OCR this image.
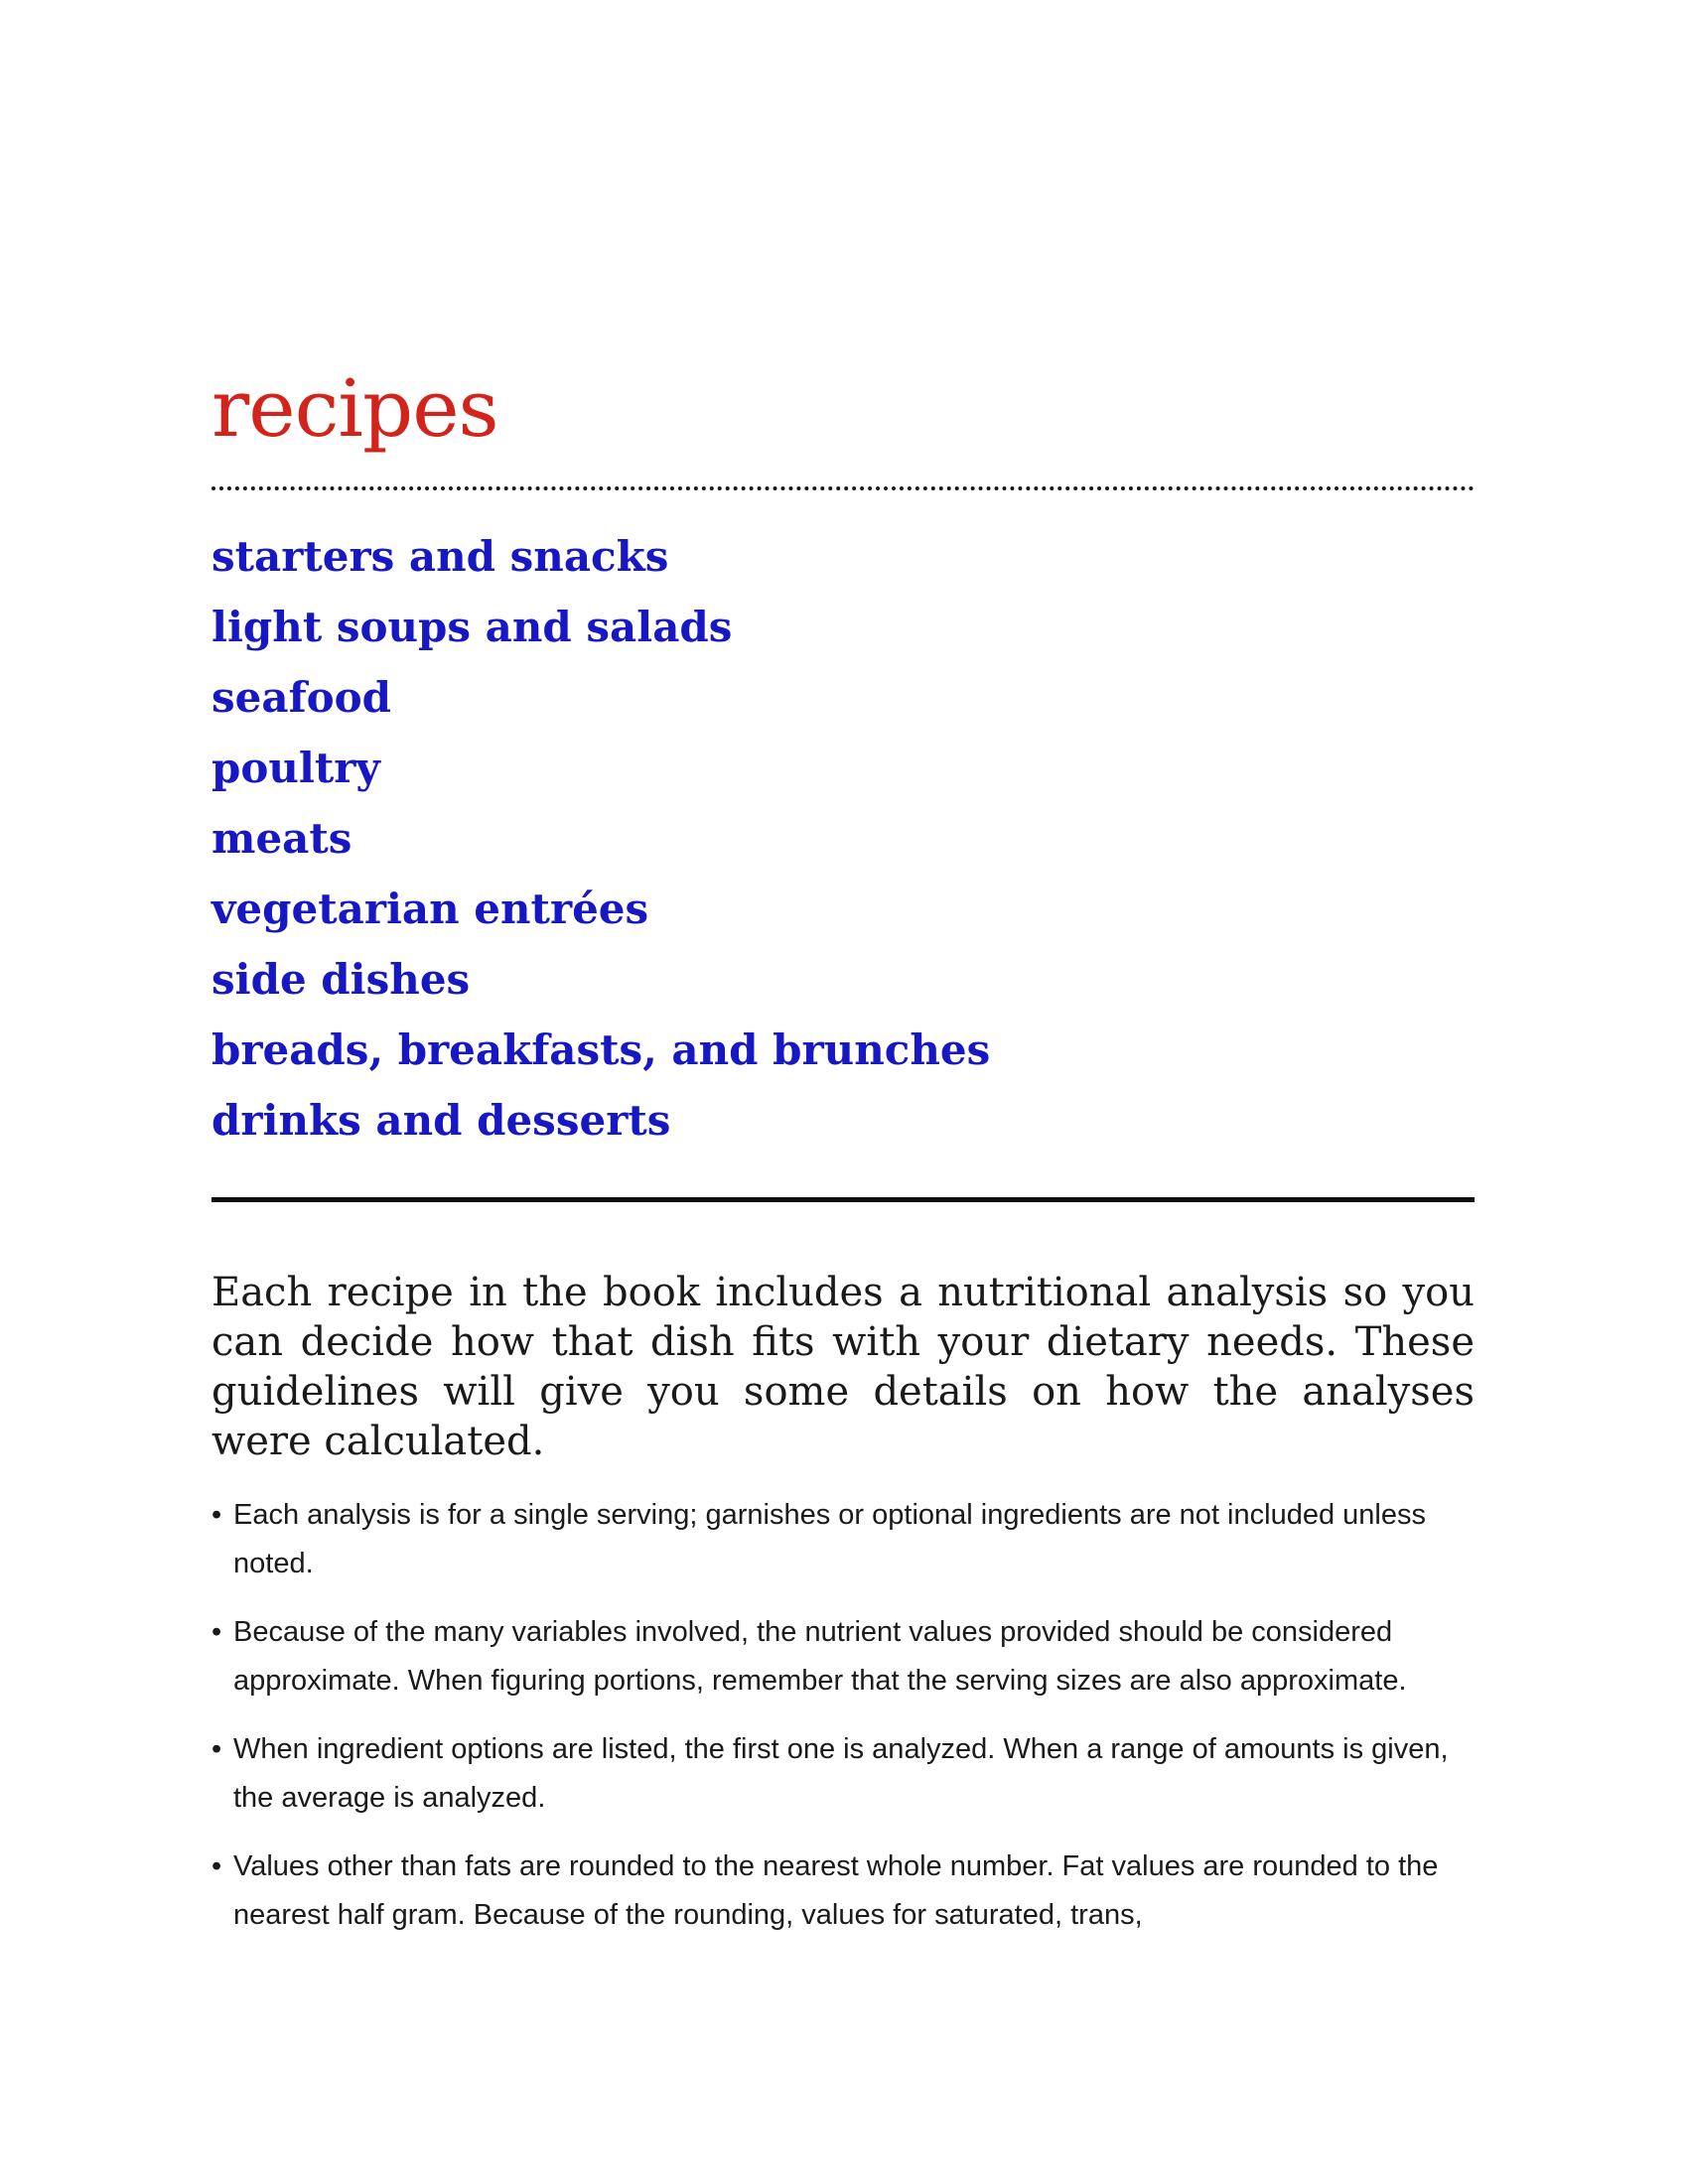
recipes
starters and snacks
light soups and salads
seafood
poultry
meats
vegetarian entrées
side dishes
breads, breakfasts, and brunches
drinks and desserts

Each recipe in the book includes a nutritional analysis so you can decide how that dish fits with your dietary needs. These guidelines will give you some details on how the analyses were calculated.

• Each analysis is for a single serving; garnishes or optional ingredients are not included unless noted.
• Because of the many variables involved, the nutrient values provided should be considered approximate. When figuring portions, remember that the serving sizes are also approximate.
• When ingredient options are listed, the first one is analyzed. When a range of amounts is given, the average is analyzed.
• Values other than fats are rounded to the nearest whole number. Fat values are rounded to the nearest half gram. Because of the rounding, values for saturated, trans,
